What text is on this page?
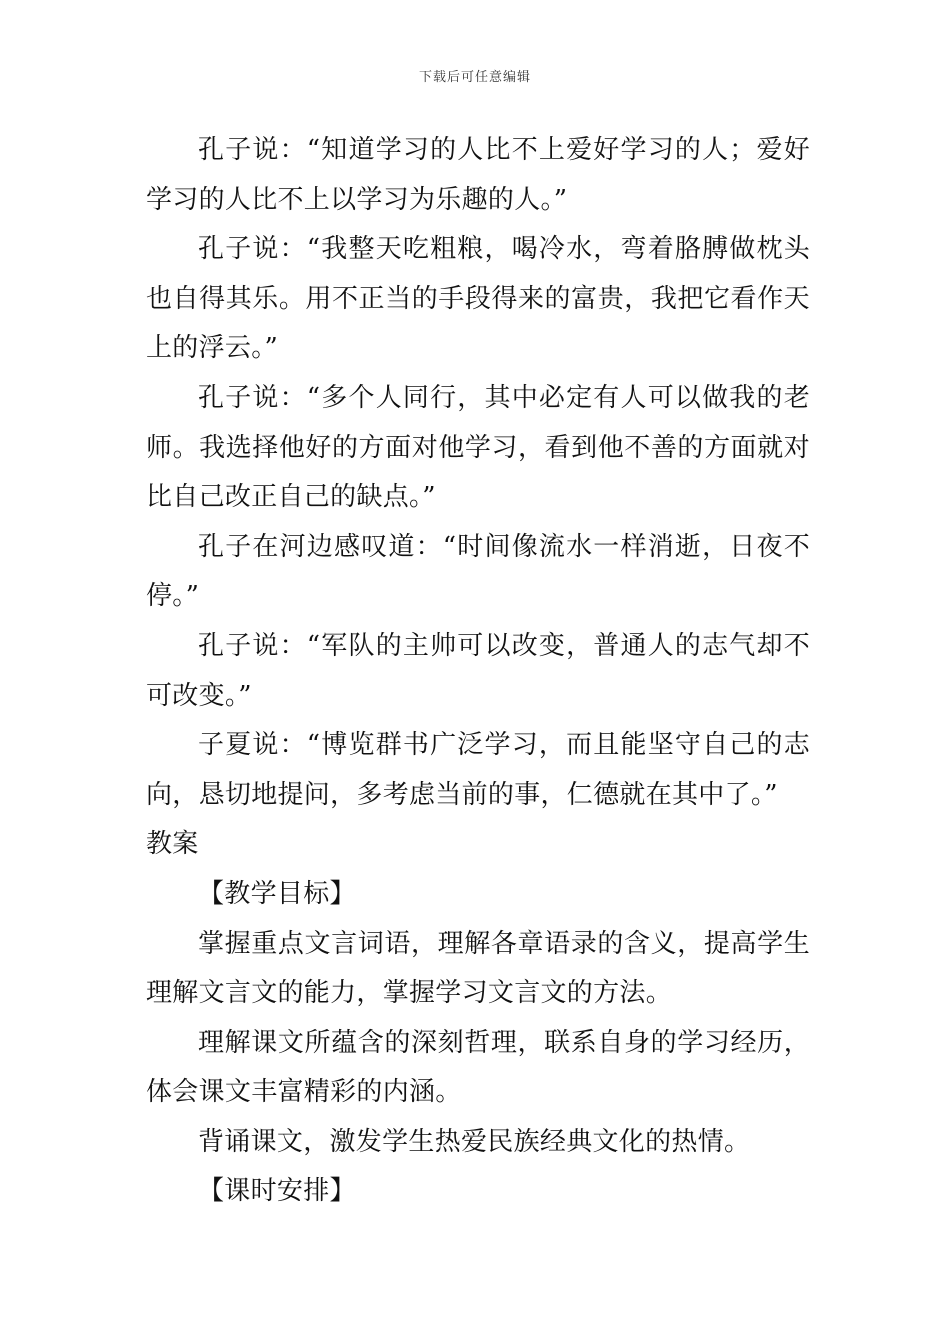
下载后可任意编辑

孔子说：“知道学习的人比不上爱好学习的人；爱好学习的人比不上以学习为乐趣的人。”

孔子说：“我整天吃粗粮，喝冷水，弯着胳膊做枕头也自得其乐。用不正当的手段得来的富贵，我把它看作天上的浮云。”

孔子说：“多个人同行，其中必定有人可以做我的老师。我选择他好的方面对他学习，看到他不善的方面就对比自己改正自己的缺点。”

孔子在河边感叹道：“时间像流水一样消逝，日夜不停。”

孔子说：“军队的主帅可以改变，普通人的志气却不可改变。”

子夏说：“博览群书广泛学习，而且能坚守自己的志向，恳切地提问，多考虑当前的事，仁德就在其中了。”

教案

【教学目标】

掌握重点文言词语，理解各章语录的含义，提高学生理解文言文的能力，掌握学习文言文的方法。

理解课文所蕴含的深刻哲理，联系自身的学习经历，体会课文丰富精彩的内涵。

背诵课文，激发学生热爱民族经典文化的热情。

【课时安排】
